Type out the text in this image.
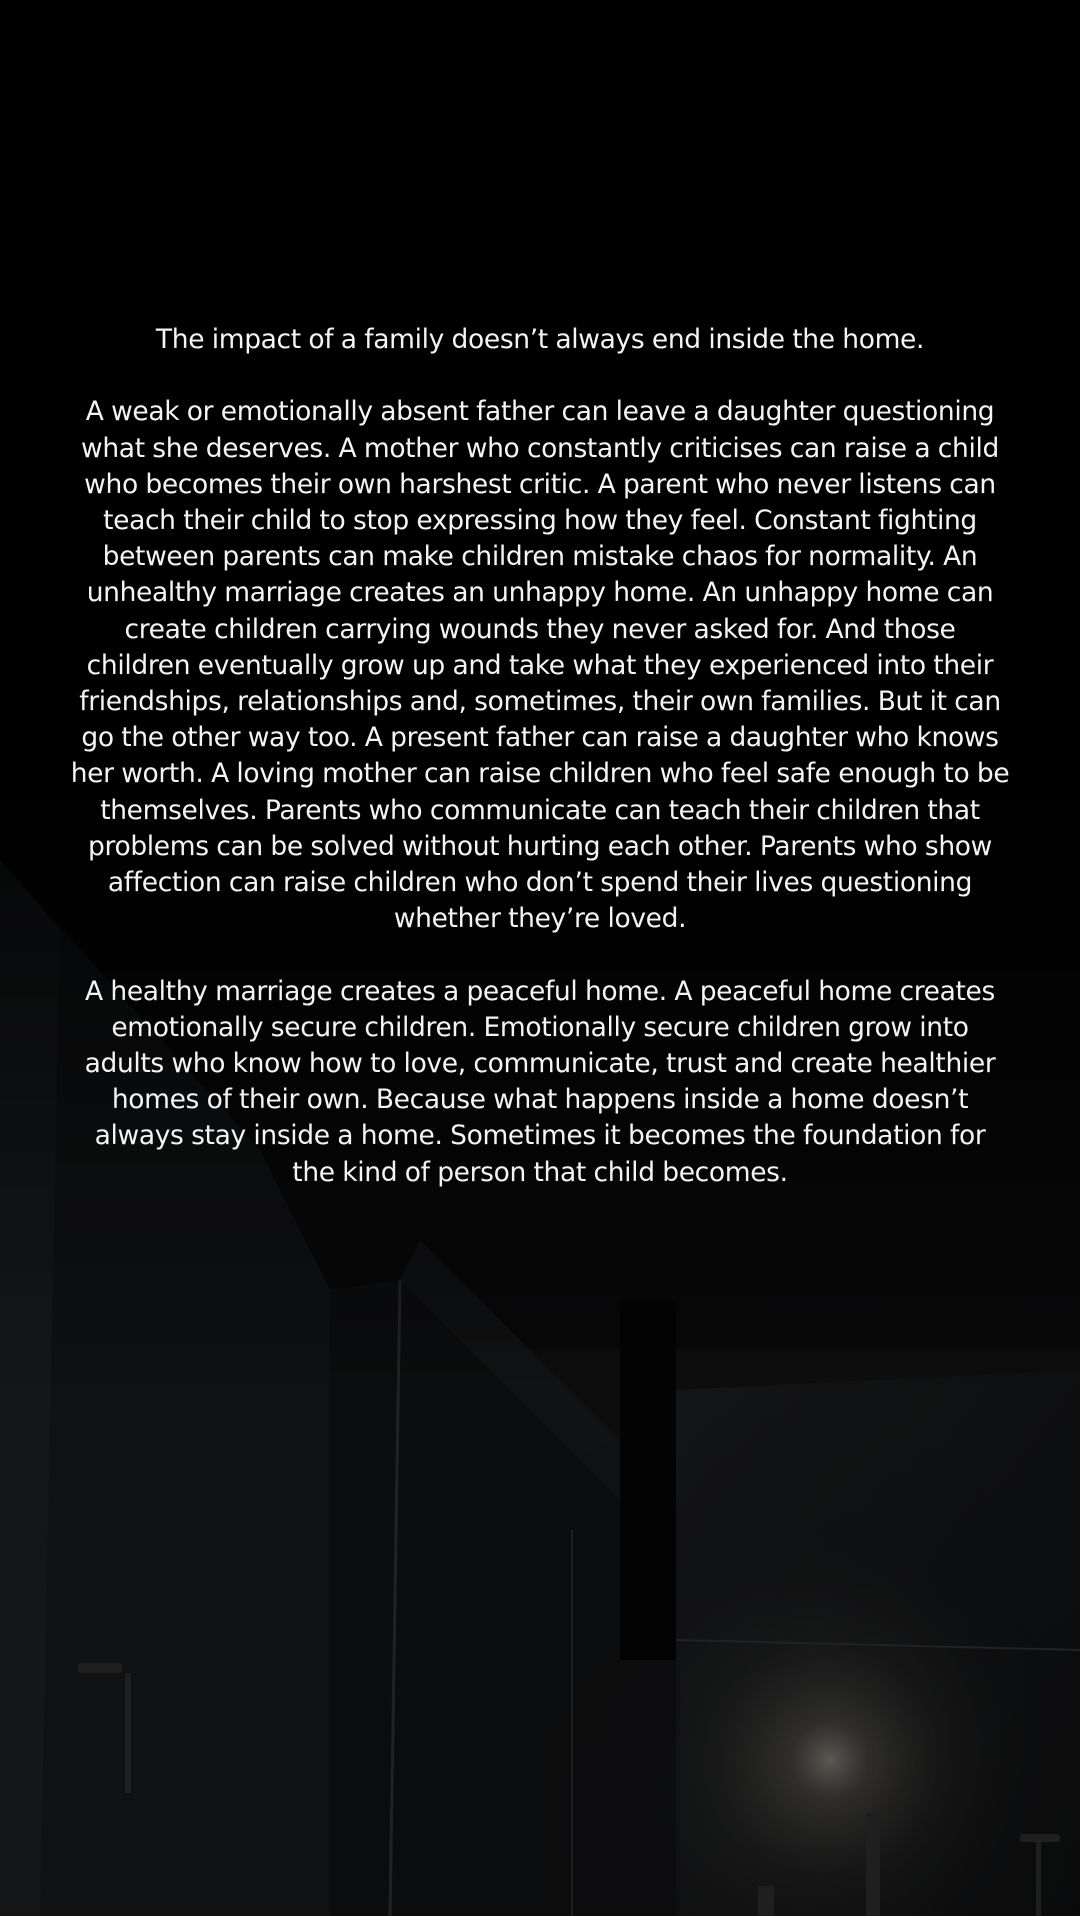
The impact of a family doesn’t always end inside the home.

A weak or emotionally absent father can leave a daughter questioning what she deserves. A mother who constantly criticises can raise a child who becomes their own harshest critic. A parent who never listens can teach their child to stop expressing how they feel. Constant fighting between parents can make children mistake chaos for normality. An unhealthy marriage creates an unhappy home. An unhappy home can create children carrying wounds they never asked for. And those children eventually grow up and take what they experienced into their friendships, relationships and, sometimes, their own families. But it can go the other way too. A present father can raise a daughter who knows her worth. A loving mother can raise children who feel safe enough to be themselves. Parents who communicate can teach their children that problems can be solved without hurting each other. Parents who show affection can raise children who don’t spend their lives questioning whether they’re loved.

A healthy marriage creates a peaceful home. A peaceful home creates emotionally secure children. Emotionally secure children grow into adults who know how to love, communicate, trust and create healthier homes of their own. Because what happens inside a home doesn’t always stay inside a home. Sometimes it becomes the foundation for the kind of person that child becomes.
